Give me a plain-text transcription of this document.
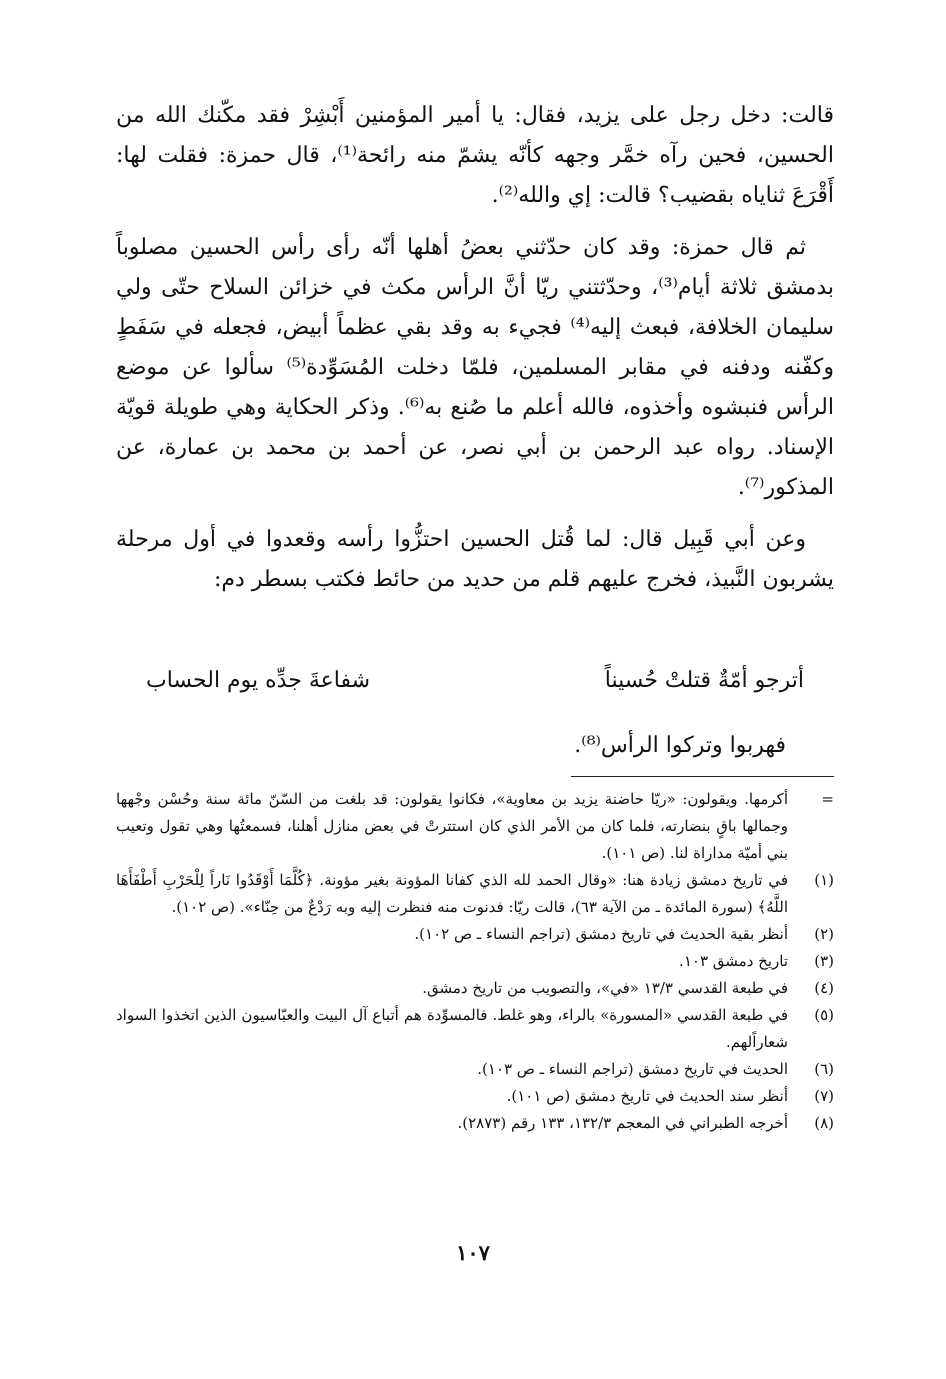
قالت: دخل رجل على يزيد، فقال: يا أمير المؤمنين أَبْشِرْ فقد مكّنك الله من الحسين، فحين رآه خمَّر وجهه كأنّه يشمّ منه رائحة⁽¹⁾، قال حمزة: فقلت لها: أَقْرَعَ ثناياه بقضيب؟ قالت: إي والله⁽²⁾.

ثم قال حمزة: وقد كان حدّثني بعضُ أهلها أنّه رأى رأس الحسين مصلوباً بدمشق ثلاثة أيام⁽³⁾، وحدّثتني ريّا أنَّ الرأس مكث في خزائن السلاح حتّى ولي سليمان الخلافة، فبعث إليه⁽⁴⁾ فجيء به وقد بقي عظماً أبيض، فجعله في سَفَطٍ وكفّنه ودفنه في مقابر المسلمين، فلمّا دخلت المُسَوِّدة⁽⁵⁾ سألوا عن موضع الرأس فنبشوه وأخذوه، فالله أعلم ما صُنع به⁽⁶⁾. وذكر الحكاية وهي طويلة قويّة الإسناد. رواه عبد الرحمن بن أبي نصر، عن أحمد بن محمد بن عمارة، عن المذكور⁽⁷⁾.

وعن أبي قَبِيل قال: لما قُتل الحسين احتزُّوا رأسه وقعدوا في أول مرحلة يشربون النَّبيذ، فخرج عليهم قلم من حديد من حائط فكتب بسطر دم:

أترجو أمّةٌ قتلتْ حُسيناً
شفاعةَ جدِّه يوم الحساب
فهربوا وتركوا الرأس⁽⁸⁾.
=
أكرمها. ويقولون: «ريّا حاضنة يزيد بن معاوية»، فكانوا يقولون: قد بلغت من السّنّ مائة سنة وحُسْن وجْهها وجمالها باقٍ بنضارته، فلما كان من الأمر الذي كان استترتْ في بعض منازل أهلنا، فسمعتُها وهي تقول وتعيب بني أميّة مداراة لنا. (ص ١٠١).
(١)
في تاريخ دمشق زيادة هنا: «وقال الحمد لله الذي كفانا المؤونة بغير مؤونة. ﴿كُلَّمَا أَوْقَدُوا نَاراً لِلْحَرْبِ أَطْفَأَهَا اللَّهُ﴾ (سورة المائدة ـ من الآية ٦٣)، قالت ريّا: فدنوت منه فنظرت إليه وبه رَدْعٌ من حِنّاء». (ص ١٠٢).
(٢)
أنظر بقية الحديث في تاريخ دمشق (تراجم النساء ـ ص ١٠٢).
(٣)
تاريخ دمشق ١٠٣.
(٤)
في طبعة القدسي ١٣/٣ «في»، والتصويب من تاريخ دمشق.
(٥)
في طبعة القدسي «المسورة» بالراء، وهو غلط. فالمسوِّدة هم أتباع آل البيت والعبّاسيون الذين اتخذوا السواد شعاراًلهم.
(٦)
الحديث في تاريخ دمشق (تراجم النساء ـ ص ١٠٣).
(٧)
أنظر سند الحديث في تاريخ دمشق (ص ١٠١).
(٨)
أخرجه الطبراني في المعجم ١٣٢/٣، ١٣٣ رقم (٢٨٧٣).
١٠٧
